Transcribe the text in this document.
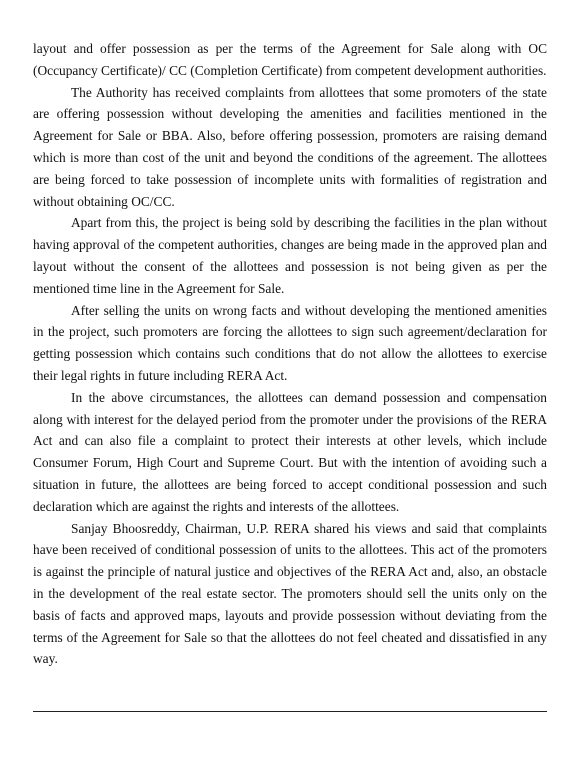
layout and offer possession as per the terms of the Agreement for Sale along with OC (Occupancy Certificate)/ CC (Completion Certificate) from competent development authorities.

The Authority has received complaints from allottees that some promoters of the state are offering possession without developing the amenities and facilities mentioned in the Agreement for Sale or BBA. Also, before offering possession, promoters are raising demand which is more than cost of the unit and beyond the conditions of the agreement. The allottees are being forced to take possession of incomplete units with formalities of registration and without obtaining OC/CC.

Apart from this, the project is being sold by describing the facilities in the plan without having approval of the competent authorities, changes are being made in the approved plan and layout without the consent of the allottees and possession is not being given as per the mentioned time line in the Agreement for Sale.

After selling the units on wrong facts and without developing the mentioned amenities in the project, such promoters are forcing the allottees to sign such agreement/declaration for getting possession which contains such conditions that do not allow the allottees to exercise their legal rights in future including RERA Act.

In the above circumstances, the allottees can demand possession and compensation along with interest for the delayed period from the promoter under the provisions of the RERA Act and can also file a complaint to protect their interests at other levels, which include Consumer Forum, High Court and Supreme Court. But with the intention of avoiding such a situation in future, the allottees are being forced to accept conditional possession and such declaration which are against the rights and interests of the allottees.

Sanjay Bhoosreddy, Chairman, U.P. RERA shared his views and said that complaints have been received of conditional possession of units to the allottees. This act of the promoters is against the principle of natural justice and objectives of the RERA Act and, also, an obstacle in the development of the real estate sector. The promoters should sell the units only on the basis of facts and approved maps, layouts and provide possession without deviating from the terms of the Agreement for Sale so that the allottees do not feel cheated and dissatisfied in any way.
